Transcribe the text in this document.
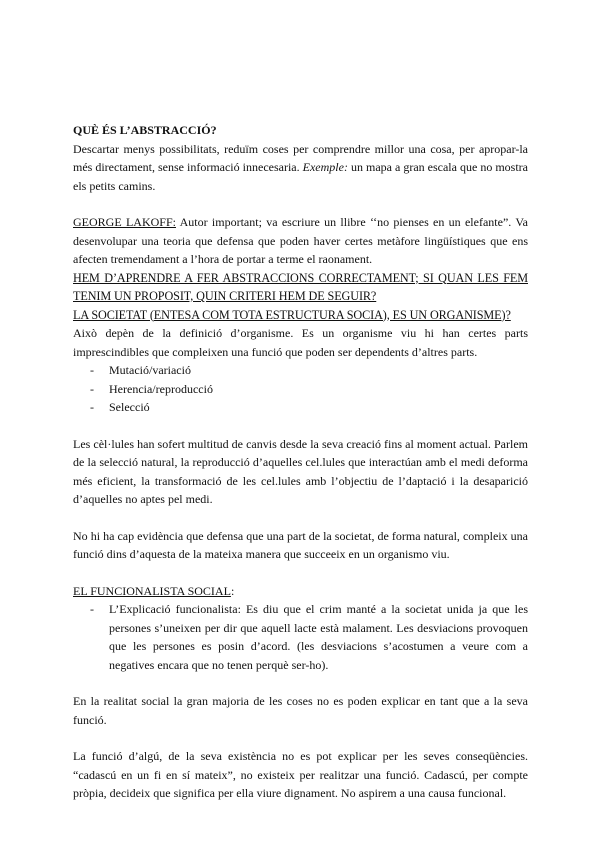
QUÈ ÉS L’ABSTRACCIÓ?

Descartar menys possibilitats, reduïm coses per comprendre millor una cosa, per apropar-la més directament, sense informació innecesaria. Exemple: un mapa a gran escala que no mostra els petits camins.

GEORGE LAKOFF: Autor important; va escriure un llibre ‘‘no pienses en un elefante”. Va desenvolupar una teoria que defensa que poden haver certes metàfore lingüístiques que ens afecten tremendament a l’hora de portar a terme el raonament.

HEM D’APRENDRE A FER ABSTRACCIONS CORRECTAMENT; SI QUAN LES FEM TENIM UN PROPOSIT, QUIN CRITERI HEM DE SEGUIR?

LA SOCIETAT (ENTESA COM TOTA ESTRUCTURA SOCIA), ES UN ORGANISME)?

Això depèn de la definició d’organisme. Es un organisme viu hi han certes parts imprescindibles que compleixen una funció que poden ser dependents d’altres parts.

- Mutació/variació
- Herencia/reproducció
- Selecció

Les cèl·lules han sofert multitud de canvis desde la seva creació fins al moment actual. Parlem de la selecció natural, la reproducció d’aquelles cel.lules que interactúan amb el medi deforma més eficient, la transformació de les cel.lules amb l’objectiu de l’daptació i la desaparició d’aquelles no aptes pel medi.

No hi ha cap evidència que defensa que una part de la societat, de forma natural, compleix una funció dins d’aquesta de la mateixa manera que succeeix en un organismo viu.

EL FUNCIONALISTA SOCIAL:

- L’Explicació funcionalista: Es diu que el crim manté a la societat unida ja que les persones s’uneixen per dir que aquell lacte està malament. Les desviacions provoquen que les persones es posin d’acord. (les desviacions s’acostumen a veure com a negatives encara que no tenen perquè ser-ho).

En la realitat social la gran majoria de les coses no es poden explicar en tant que a la seva funció.

La funció d’algú, de la seva existència no es pot explicar per les seves conseqüències. “cadascú en un fi en sí mateix”, no existeix per realitzar una funció. Cadascú, per compte pròpia, decideix que significa per ella viure dignament. No aspirem a una causa funcional.
